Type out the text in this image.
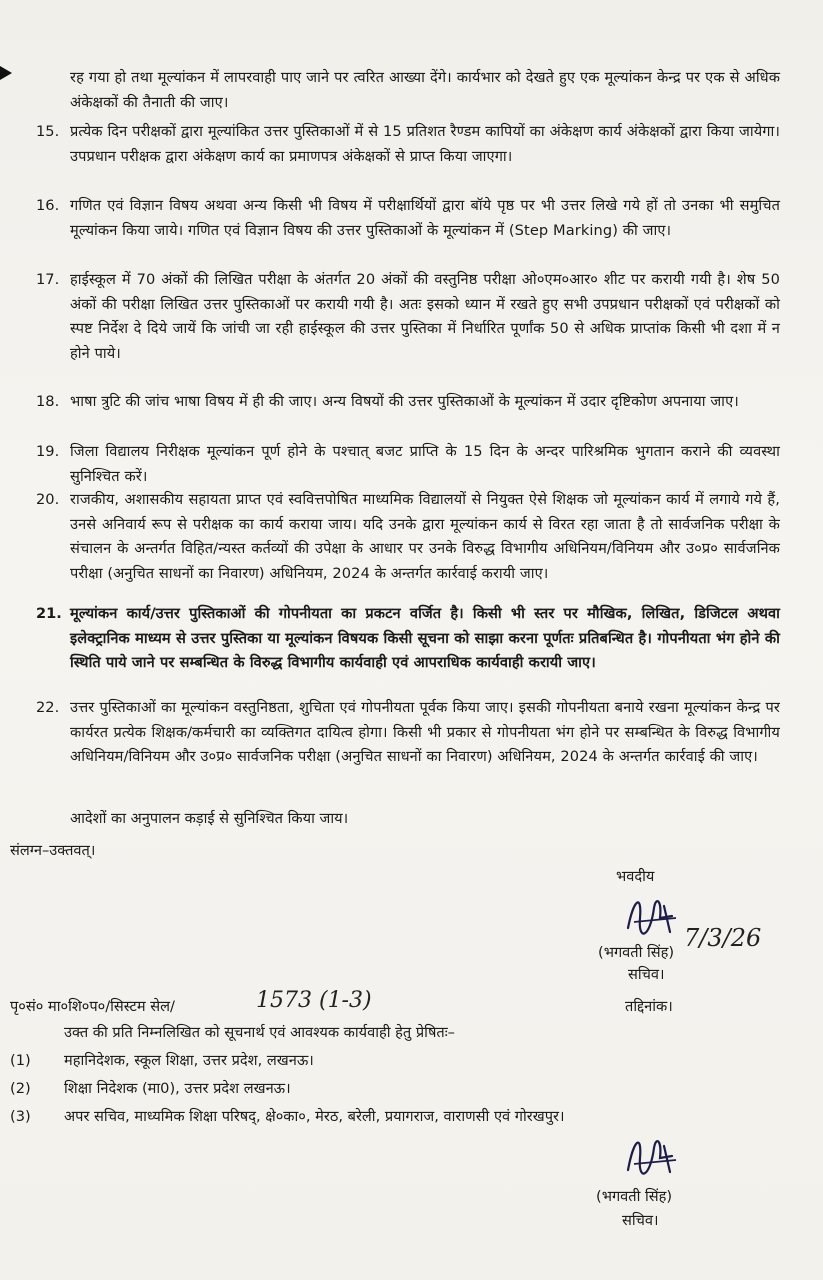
रह गया हो तथा मूल्यांकन में लापरवाही पाए जाने पर त्वरित आख्या देंगे। कार्यभार को देखते हुए एक मूल्यांकन केन्द्र पर एक से अधिक अंकेक्षकों की तैनाती की जाए।

15. प्रत्येक दिन परीक्षकों द्वारा मूल्यांकित उत्तर पुस्तिकाओं में से 15 प्रतिशत रैण्डम कापियों का अंकेक्षण कार्य अंकेक्षकों द्वारा किया जायेगा। उपप्रधान परीक्षक द्वारा अंकेक्षण कार्य का प्रमाणपत्र अंकेक्षकों से प्राप्त किया जाएगा।

16. गणित एवं विज्ञान विषय अथवा अन्य किसी भी विषय में परीक्षार्थियों द्वारा बॉये पृष्ठ पर भी उत्तर लिखे गये हों तो उनका भी समुचित मूल्यांकन किया जाये। गणित एवं विज्ञान विषय की उत्तर पुस्तिकाओं के मूल्यांकन में (Step Marking) की जाए।

17. हाईस्कूल में 70 अंकों की लिखित परीक्षा के अंतर्गत 20 अंकों की वस्तुनिष्ठ परीक्षा ओ०एम०आर० शीट पर करायी गयी है। शेष 50 अंकों की परीक्षा लिखित उत्तर पुस्तिकाओं पर करायी गयी है। अतः इसको ध्यान में रखते हुए सभी उपप्रधान परीक्षकों एवं परीक्षकों को स्पष्ट निर्देश दे दिये जायें कि जांची जा रही हाईस्कूल की उत्तर पुस्तिका में निर्धारित पूर्णांक 50 से अधिक प्राप्तांक किसी भी दशा में न होने पाये।

18. भाषा त्रुटि की जांच भाषा विषय में ही की जाए। अन्य विषयों की उत्तर पुस्तिकाओं के मूल्यांकन में उदार दृष्टिकोण अपनाया जाए।

19. जिला विद्यालय निरीक्षक मूल्यांकन पूर्ण होने के पश्चात् बजट प्राप्ति के 15 दिन के अन्दर पारिश्रमिक भुगतान कराने की व्यवस्था सुनिश्चित करें।

20. राजकीय, अशासकीय सहायता प्राप्त एवं स्ववित्तपोषित माध्यमिक विद्यालयों से नियुक्त ऐसे शिक्षक जो मूल्यांकन कार्य में लगाये गये हैं, उनसे अनिवार्य रूप से परीक्षक का कार्य कराया जाय। यदि उनके द्वारा मूल्यांकन कार्य से विरत रहा जाता है तो सार्वजनिक परीक्षा के संचालन के अन्तर्गत विहित/न्यस्त कर्तव्यों की उपेक्षा के आधार पर उनके विरुद्ध विभागीय अधिनियम/विनियम और उ०प्र० सार्वजनिक परीक्षा (अनुचित साधनों का निवारण) अधिनियम, 2024 के अन्तर्गत कार्रवाई करायी जाए।

21. मूल्यांकन कार्य/उत्तर पुस्तिकाओं की गोपनीयता का प्रकटन वर्जित है। किसी भी स्तर पर मौखिक, लिखित, डिजिटल अथवा इलेक्ट्रानिक माध्यम से उत्तर पुस्तिका या मूल्यांकन विषयक किसी सूचना को साझा करना पूर्णतः प्रतिबन्धित है। गोपनीयता भंग होने की स्थिति पाये जाने पर सम्बन्धित के विरुद्ध विभागीय कार्यवाही एवं आपराधिक कार्यवाही करायी जाए।

22. उत्तर पुस्तिकाओं का मूल्यांकन वस्तुनिष्ठता, शुचिता एवं गोपनीयता पूर्वक किया जाए। इसकी गोपनीयता बनाये रखना मूल्यांकन केन्द्र पर कार्यरत प्रत्येक शिक्षक/कर्मचारी का व्यक्तिगत दायित्व होगा। किसी भी प्रकार से गोपनीयता भंग होने पर सम्बन्धित के विरुद्ध विभागीय अधिनियम/विनियम और उ०प्र० सार्वजनिक परीक्षा (अनुचित साधनों का निवारण) अधिनियम, 2024 के अन्तर्गत कार्रवाई की जाए।

आदेशों का अनुपालन कड़ाई से सुनिश्चित किया जाय।

संलग्न–उक्तवत्।

भवदीय

7/3/26

(भगवती सिंह)

सचिव।

पृ०सं० मा०शि०प०/सिस्टम सेल/	1573 (1-3)	तद्दिनांक।

उक्त की प्रति निम्नलिखित को सूचनार्थ एवं आवश्यक कार्यवाही हेतु प्रेषितः–

(1) महानिदेशक, स्कूल शिक्षा, उत्तर प्रदेश, लखनऊ।

(2) शिक्षा निदेशक (मा0), उत्तर प्रदेश लखनऊ।

(3) अपर सचिव, माध्यमिक शिक्षा परिषद्, क्षे०का०, मेरठ, बरेली, प्रयागराज, वाराणसी एवं गोरखपुर।

(भगवती सिंह)

सचिव।
